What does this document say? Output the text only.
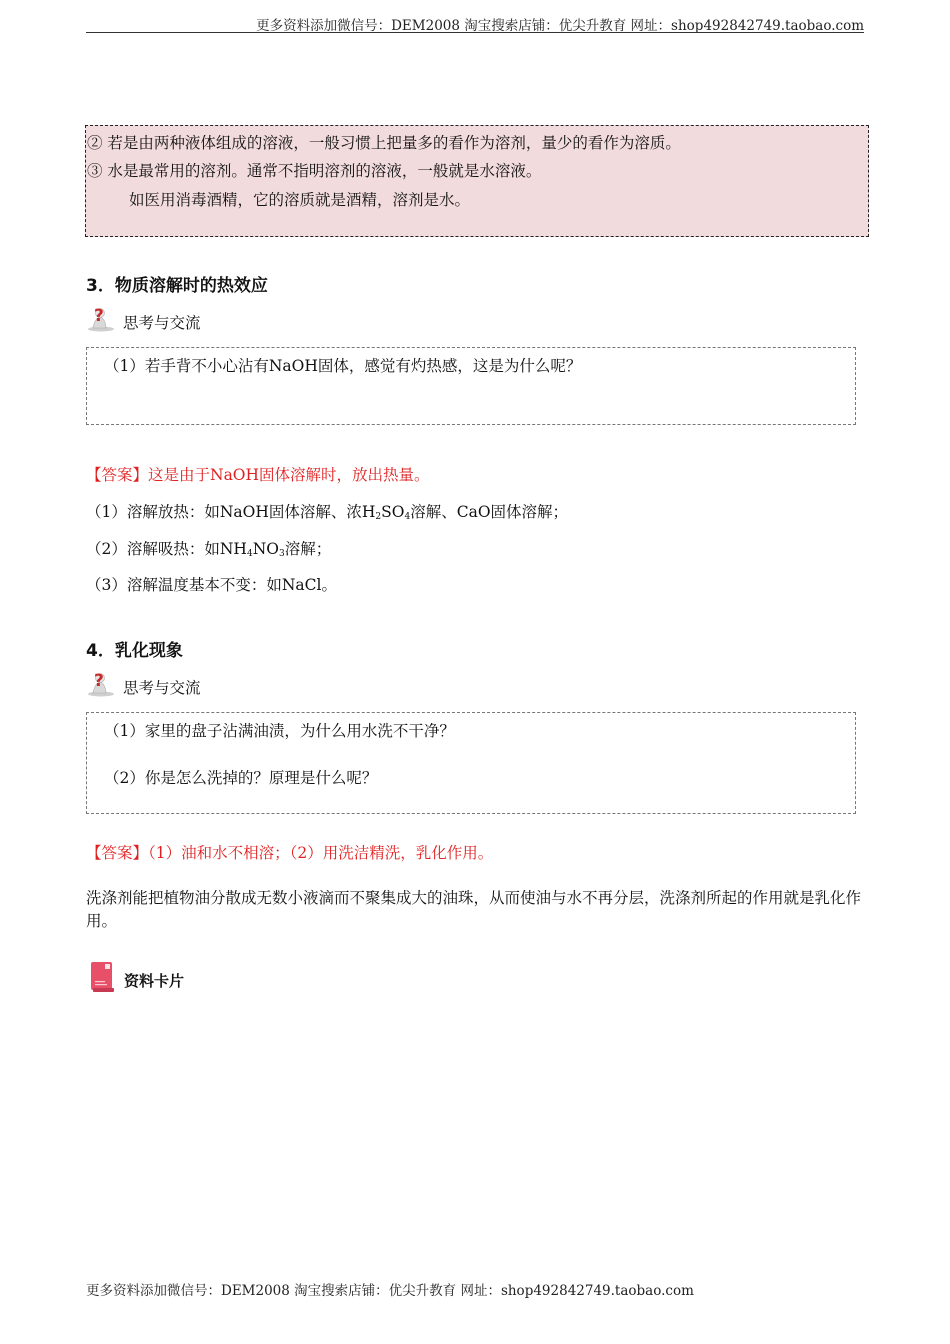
更多资料添加微信号：DEM2008 淘宝搜索店铺：优尖升教育 网址：shop492842749.taobao.com
② 若是由两种液体组成的溶液，一般习惯上把量多的看作为溶剂，量少的看作为溶质。
③ 水是最常用的溶剂。通常不指明溶剂的溶液，一般就是水溶液。
如医用消毒酒精，它的溶质就是酒精，溶剂是水。
3．物质溶解时的热效应
? 思考与交流
（1）若手背不小心沾有NaOH固体，感觉有灼热感，这是为什么呢？
【答案】这是由于NaOH固体溶解时，放出热量。
（1）溶解放热：如NaOH固体溶解、浓$H_2SO_4$溶解、CaO固体溶解；
（2）溶解吸热：如$NH_4NO_3$溶解；
（3）溶解温度基本不变：如NaCl。
4．乳化现象
? 思考与交流
（1）家里的盘子沾满油渍，为什么用水洗不干净？
（2）你是怎么洗掉的？原理是什么呢？
【答案】（1）油和水不相溶；（2）用洗洁精洗，乳化作用。
洗涤剂能把植物油分散成无数小液滴而不聚集成大的油珠，从而使油与水不再分层，洗涤剂所起的作用就是乳化作用。
资料卡片
更多资料添加微信号：DEM2008 淘宝搜索店铺：优尖升教育 网址：shop492842749.taobao.com
